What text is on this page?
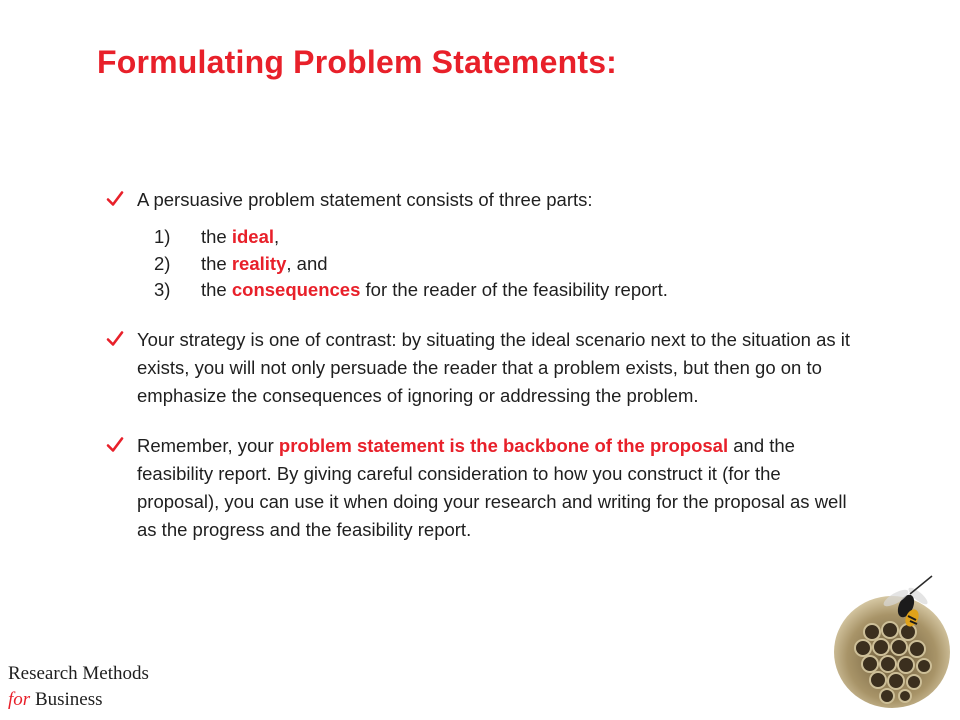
Formulating Problem Statements:
A persuasive problem statement consists of three parts:
1) the ideal,
2) the reality, and
3) the consequences for the reader of the feasibility report.
Your strategy is one of contrast: by situating the ideal scenario next to the situation as it exists, you will not only persuade the reader that a problem exists, but then go on to emphasize the consequences of ignoring or addressing the problem.
Remember, your problem statement is the backbone of the proposal and the feasibility report. By giving careful consideration to how you construct it (for the proposal), you can use it when doing your research and writing for the proposal as well as the progress and the feasibility report.
Research Methods
for Business
